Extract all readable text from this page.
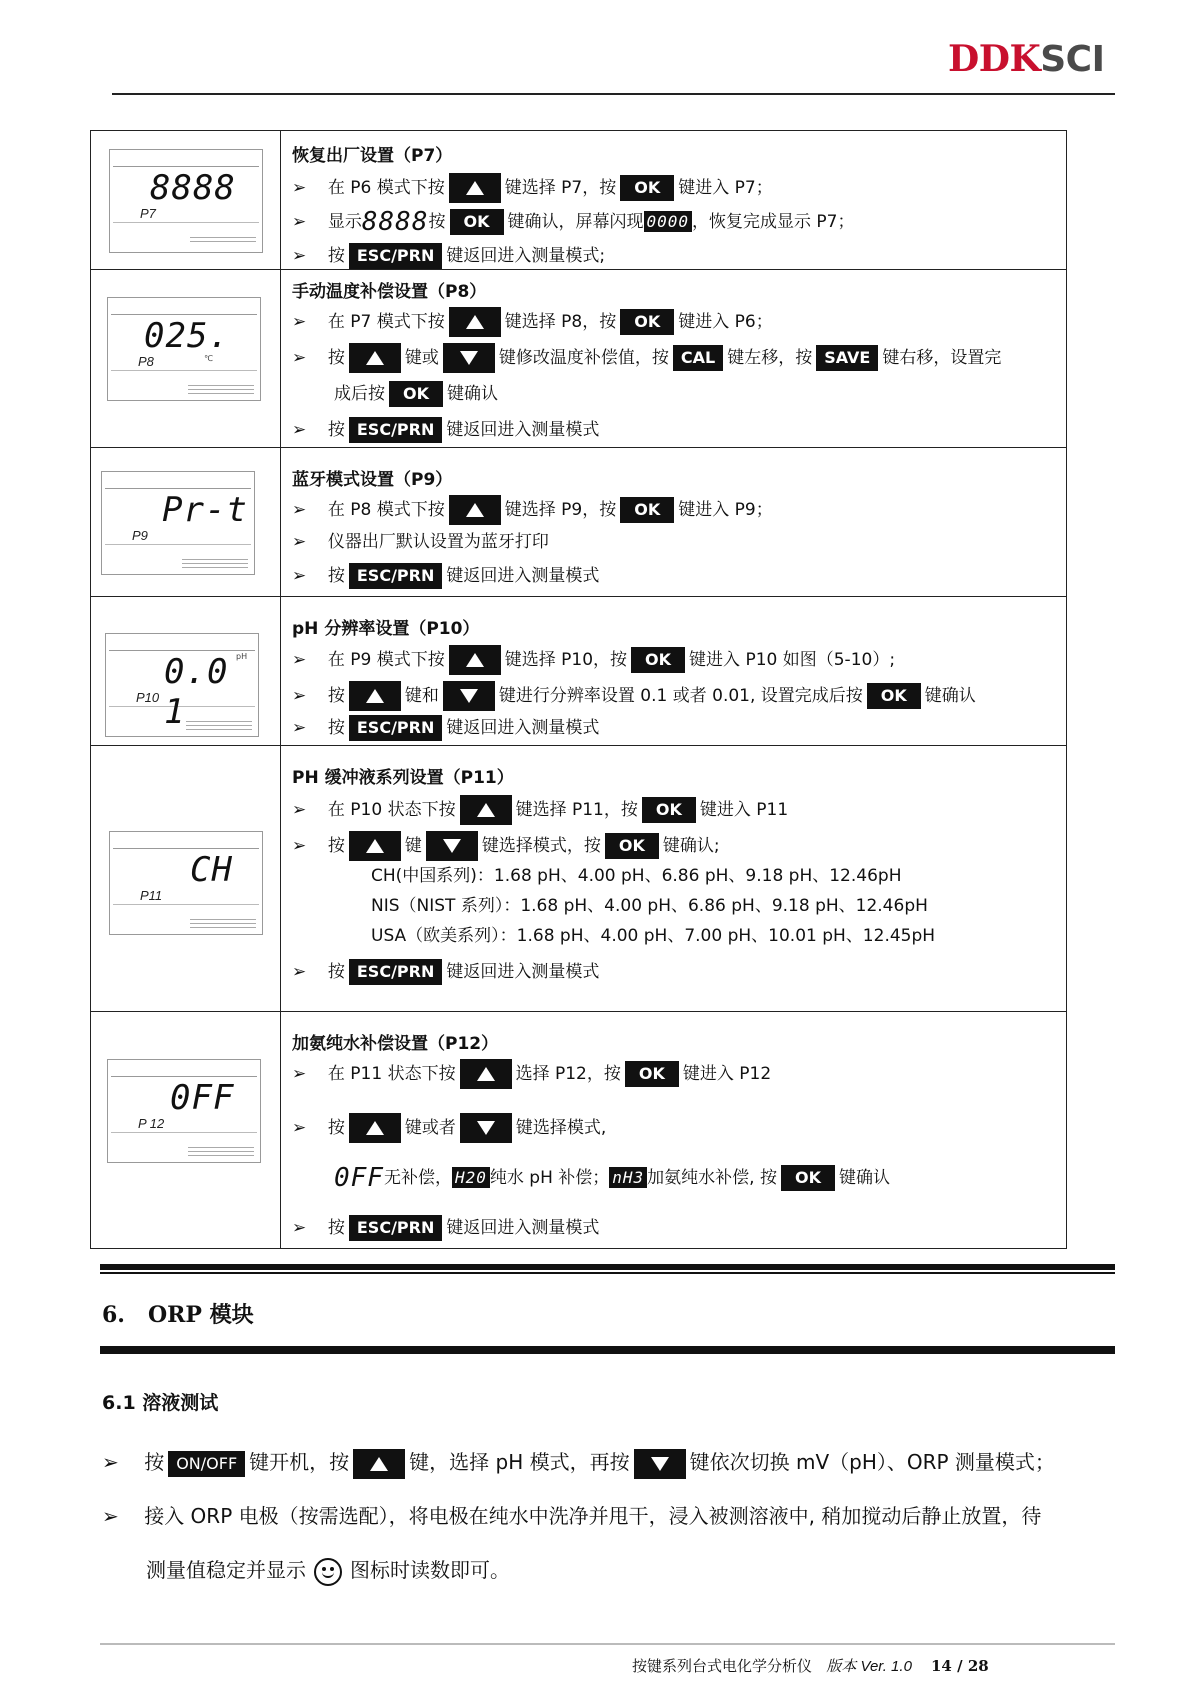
DDKSCI
8888
P7
恢复出厂设置（P7）
➢ 在 P6 模式下按	键选择 P7，按 OK 键进入 P7；
➢ 显示8888按 OK 键确认，屏幕闪现 0000 ，恢复完成显示 P7；
➢ 按 ESC/PRN 键返回进入测量模式;
025.
℃
P8
手动温度补偿设置（P8）
➢ 在 P7 模式下按	键选择 P8，按 OK 键进入 P6；
➢ 按	键或	键修改温度补偿值，按 CAL 键左移，按 SAVE 键右移，设置完
成后按 OK 键确认
➢ 按 ESC/PRN 键返回进入测量模式
Pr-t
P9
蓝牙模式设置（P9）
➢ 在 P8 模式下按	键选择 P9，按 OK 键进入 P9；
➢ 仪器出厂默认设置为蓝牙打印
➢ 按 ESC/PRN 键返回进入测量模式
pH
0.0 1
P10
pH 分辨率设置（P10）
➢ 在 P9 模式下按	键选择 P10，按 OK 键进入 P10 如图（5-10）;
➢ 按	键和	键进行分辨率设置 0.1 或者 0.01, 设置完成后按 OK 键确认
➢ 按 ESC/PRN 键返回进入测量模式
CH
P11
PH 缓冲液系列设置（P11）
➢ 在 P10 状态下按	键选择 P11，按 OK 键进入 P11
➢ 按	键	键选择模式，按 OK 键确认;
CH(中国系列)：1.68 pH、4.00 pH、6.86 pH、9.18 pH、12.46pH
NIS（NIST 系列）：1.68 pH、4.00 pH、6.86 pH、9.18 pH、12.46pH
USA（欧美系列）：1.68 pH、4.00 pH、7.00 pH、10.01 pH、12.45pH
➢ 按 ESC/PRN 键返回进入测量模式
0FF
P 12
加氨纯水补偿设置（P12）
➢ 在 P11 状态下按	选择 P12，按 OK 键进入 P12
➢ 按	键或者	键选择模式,
0FF无补偿， H20 纯水 pH 补偿； nH3 加氨纯水补偿, 按 OK 键确认
➢ 按 ESC/PRN 键返回进入测量模式
6. ORP 模块
6.1 溶液测试
➢ 按 ON/OFF 键开机，按	键，选择 pH 模式，再按	键依次切换 mV（pH）、ORP 测量模式；
➢ 接入 ORP 电极（按需选配），将电极在纯水中洗净并甩干，浸入被测溶液中, 稍加搅动后静止放置，待
测量值稳定并显示 图标时读数即可。
按键系列台式电化学分析仪 版本 Ver. 1.0 14 / 28
